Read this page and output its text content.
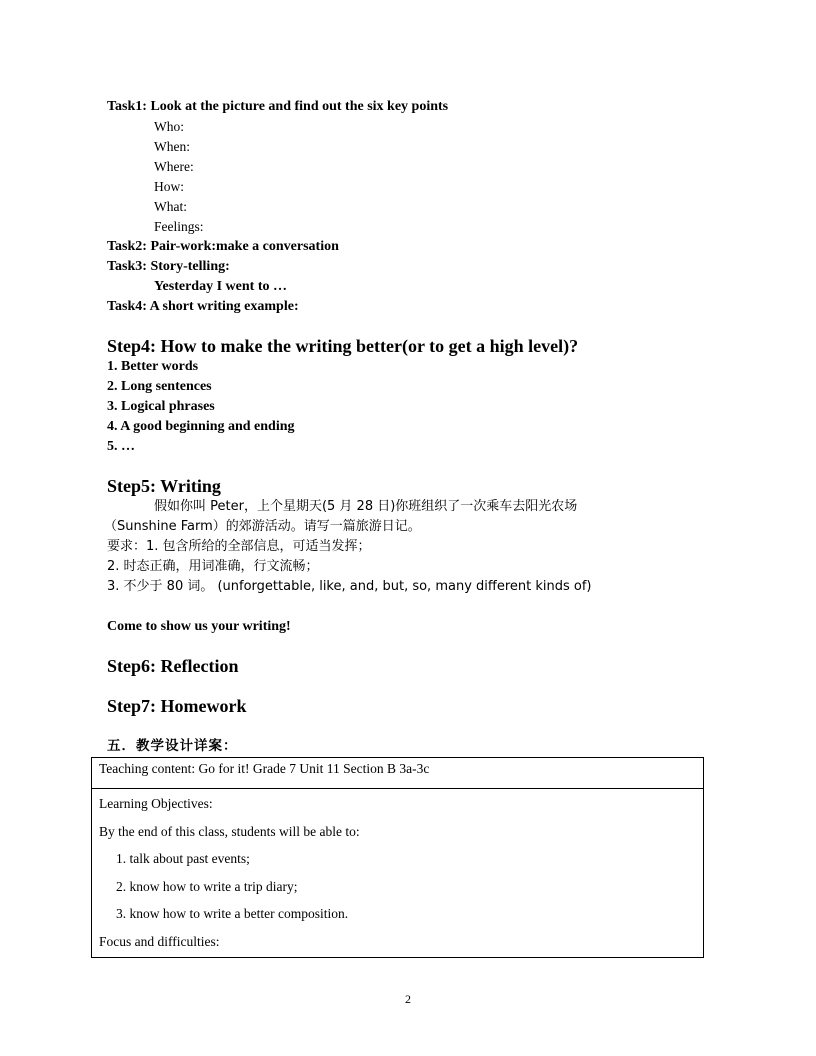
Task1: Look at the picture and find out the six key points
Who:
When:
Where:
How:
What:
Feelings:
Task2: Pair-work:make a conversation
Task3: Story-telling:
Yesterday I went to …
Task4: A short writing example:
Step4: How to make the writing better(or to get a high level)?
1. Better words
2. Long sentences
3. Logical phrases
4. A good beginning and ending
5. …
Step5: Writing
假如你叫 Peter，上个星期天(5 月 28 日)你班组织了一次乘车去阳光农场
（Sunshine Farm）的郊游活动。请写一篇旅游日记。
要求：1. 包含所给的全部信息，可适当发挥；
2. 时态正确，用词准确，行文流畅；
3. 不少于 80 词。 (unforgettable, like, and, but, so, many different kinds of)
Come to show us your writing!
Step6: Reflection
Step7: Homework
五．教学设计详案：
Teaching content: Go for it! Grade 7 Unit 11 Section B 3a-3c

Learning Objectives:
By the end of this class, students will be able to:
1. talk about past events;
2. know how to write a trip diary;
3. know how to write a better composition.
Focus and difficulties:
2
